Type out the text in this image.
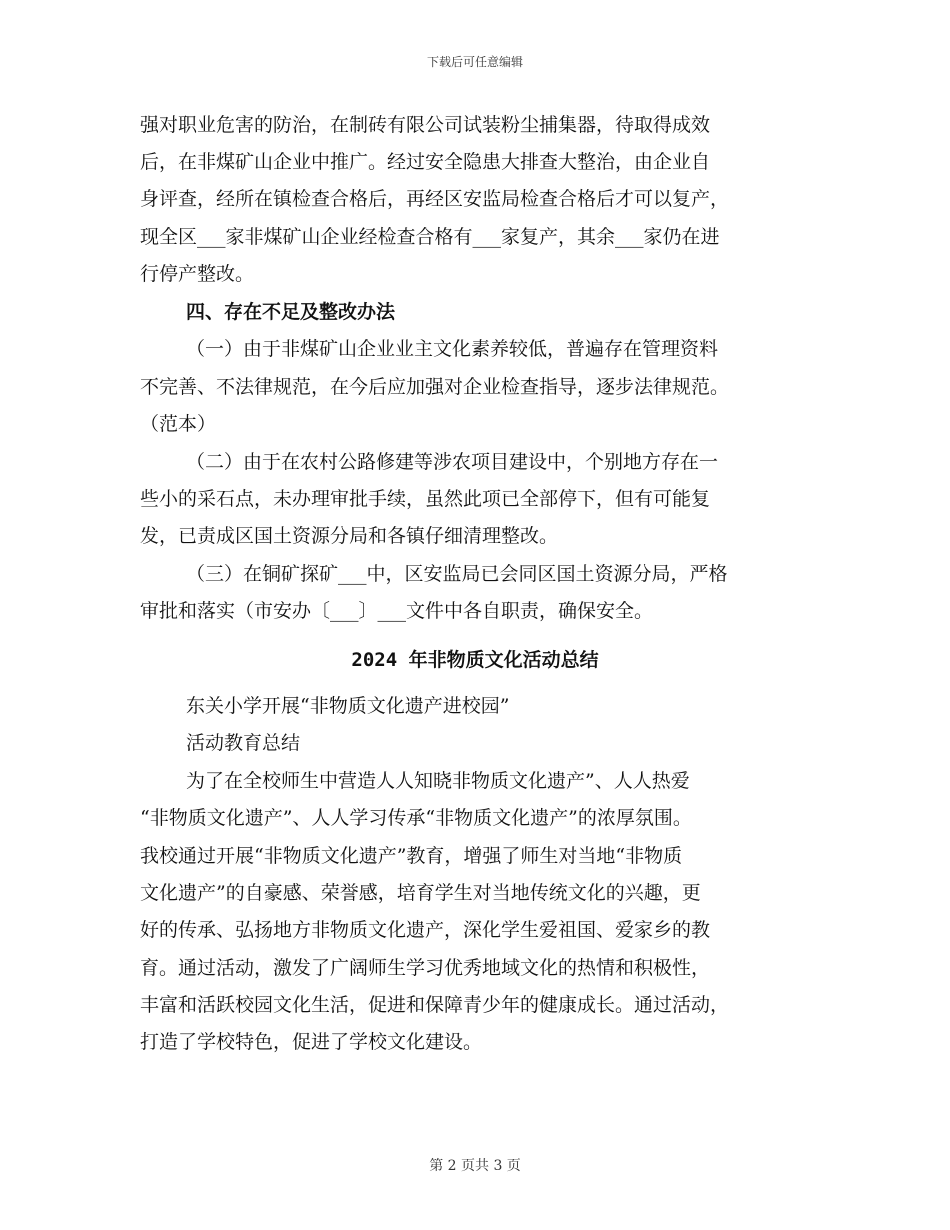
下载后可任意编辑
强对职业危害的防治，在制砖有限公司试装粉尘捕集器，待取得成效
后，在非煤矿山企业中推广。经过安全隐患大排查大整治，由企业自
身评查，经所在镇检查合格后，再经区安监局检查合格后才可以复产，
现全区___家非煤矿山企业经检查合格有___家复产，其余___家仍在进
行停产整改。
四、存在不足及整改办法
（一）由于非煤矿山企业业主文化素养较低，普遍存在管理资料
不完善、不法律规范，在今后应加强对企业检查指导，逐步法律规范。
（范本）
（二）由于在农村公路修建等涉农项目建设中，个别地方存在一
些小的采石点，未办理审批手续，虽然此项已全部停下，但有可能复
发，已责成区国土资源分局和各镇仔细清理整改。
（三）在铜矿探矿___中，区安监局已会同区国土资源分局，严格
审批和落实（市安办〔___〕___文件中各自职责，确保安全。
2024 年非物质文化活动总结
东关小学开展“非物质文化遗产进校园”
活动教育总结
为了在全校师生中营造人人知晓非物质文化遗产”、人人热爱
“非物质文化遗产”、人人学习传承“非物质文化遗产”的浓厚氛围。
我校通过开展“非物质文化遗产”教育，增强了师生对当地“非物质
文化遗产”的自豪感、荣誉感，培育学生对当地传统文化的兴趣，更
好的传承、弘扬地方非物质文化遗产，深化学生爱祖国、爱家乡的教
育。通过活动，激发了广阔师生学习优秀地域文化的热情和积极性，
丰富和活跃校园文化生活，促进和保障青少年的健康成长。通过活动，
打造了学校特色，促进了学校文化建设。
第 2 页共 3 页
